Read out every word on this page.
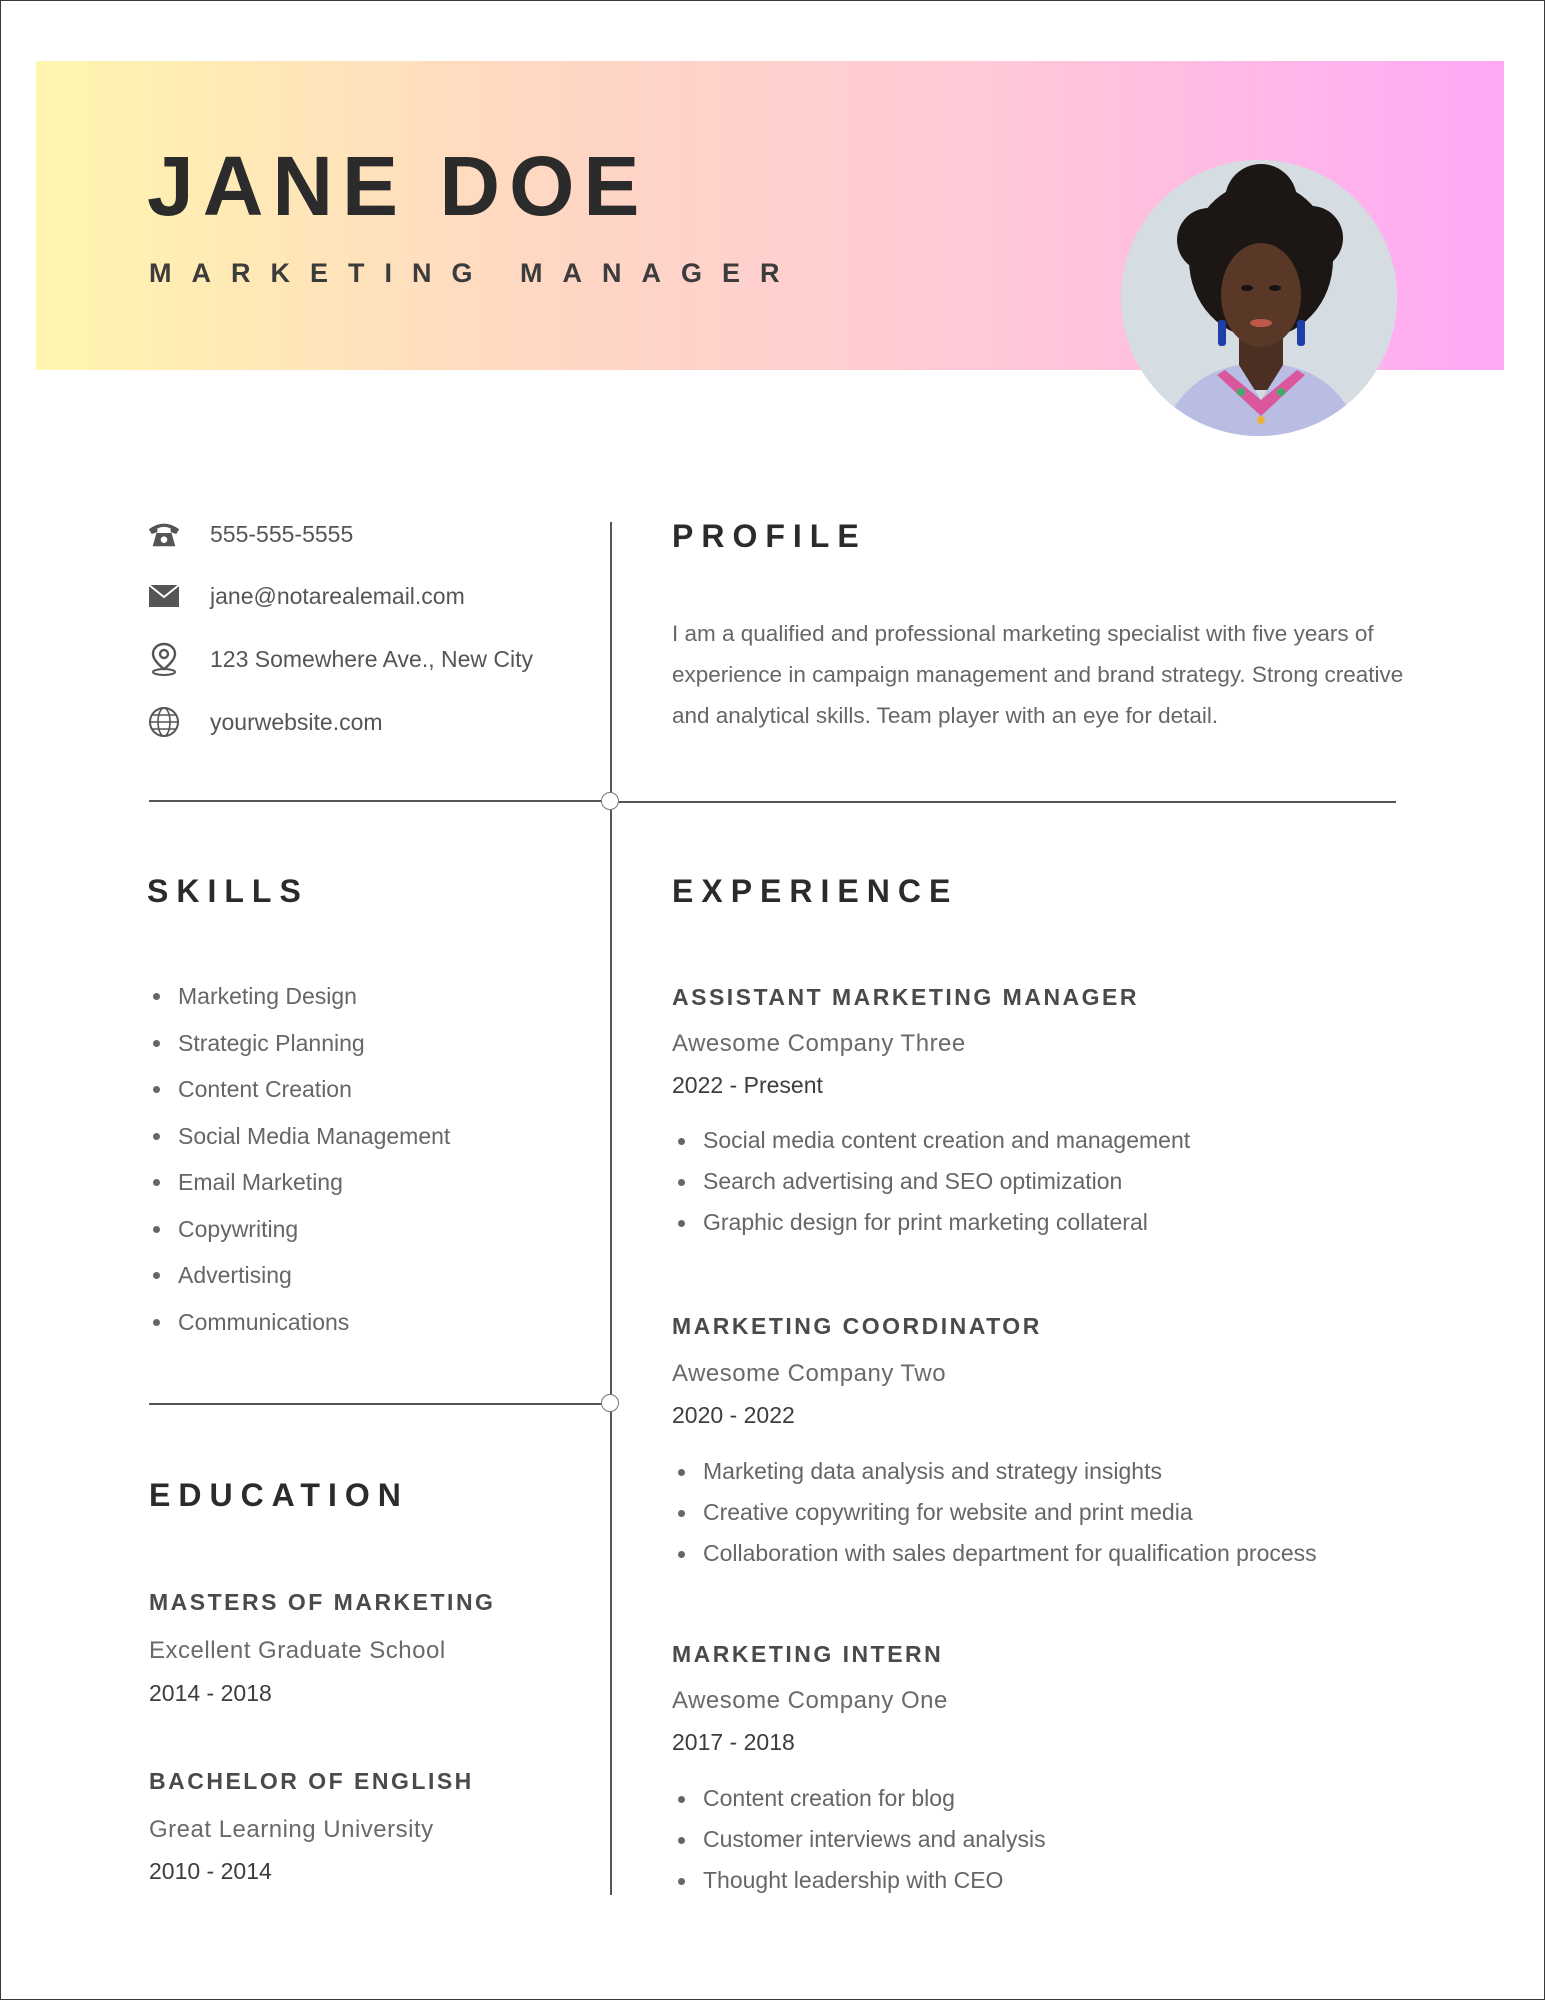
JANE DOE
MARKETING MANAGER
555-555-5555
jane@notarealemail.com
123 Somewhere Ave., New City
yourwebsite.com
PROFILE

I am a qualified and professional marketing specialist with five years of experience in campaign management and brand strategy. Strong creative and analytical skills. Team player with an eye for detail.

SKILLS
Marketing Design
Strategic Planning
Content Creation
Social Media Management
Email Marketing
Copywriting
Advertising
Communications
EDUCATION
MASTERS OF MARKETING
Excellent Graduate School
2014 - 2018
BACHELOR OF ENGLISH
Great Learning University
2010 - 2014
EXPERIENCE
ASSISTANT MARKETING MANAGER
Awesome Company Three
2022 - Present
Social media content creation and management
Search advertising and SEO optimization
Graphic design for print marketing collateral
MARKETING COORDINATOR
Awesome Company Two
2020 - 2022
Marketing data analysis and strategy insights
Creative copywriting for website and print media
Collaboration with sales department for qualification process
MARKETING INTERN
Awesome Company One
2017 - 2018
Content creation for blog
Customer interviews and analysis
Thought leadership with CEO
